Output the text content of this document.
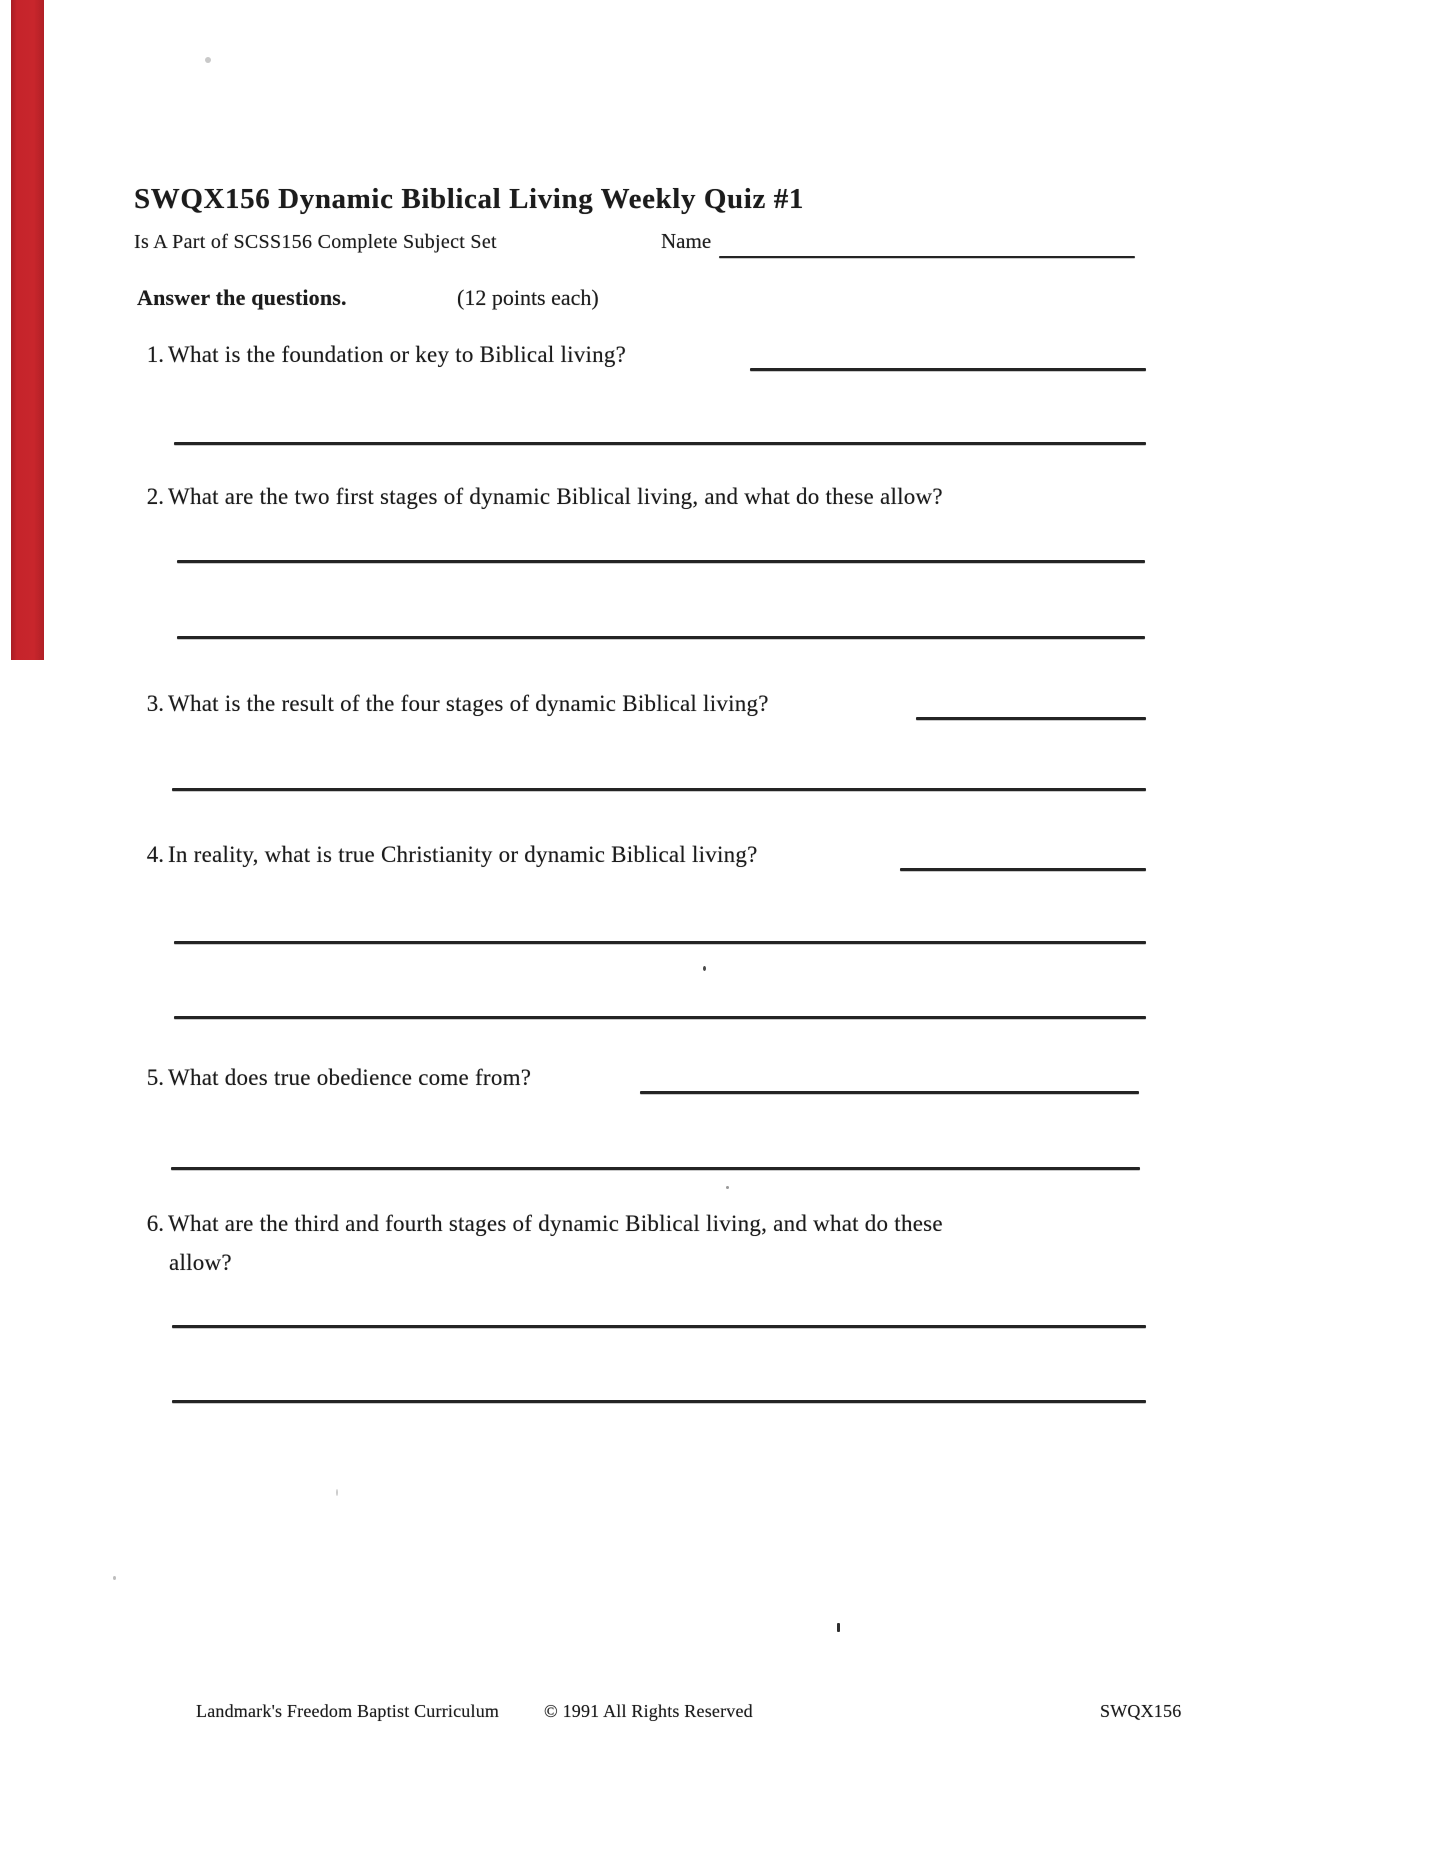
SWQX156 Dynamic Biblical Living Weekly Quiz #1
Is A Part of SCSS156 Complete Subject Set	Name
Answer the questions.	(12 points each)
1. What is the foundation or key to Biblical living?
2. What are the two first stages of dynamic Biblical living, and what do these allow?
3. What is the result of the four stages of dynamic Biblical living?
4. In reality, what is true Christianity or dynamic Biblical living?
5. What does true obedience come from?
6. What are the third and fourth stages of dynamic Biblical living, and what do these
allow?
Landmark's Freedom Baptist Curriculum © 1991 All Rights Reserved	SWQX156
